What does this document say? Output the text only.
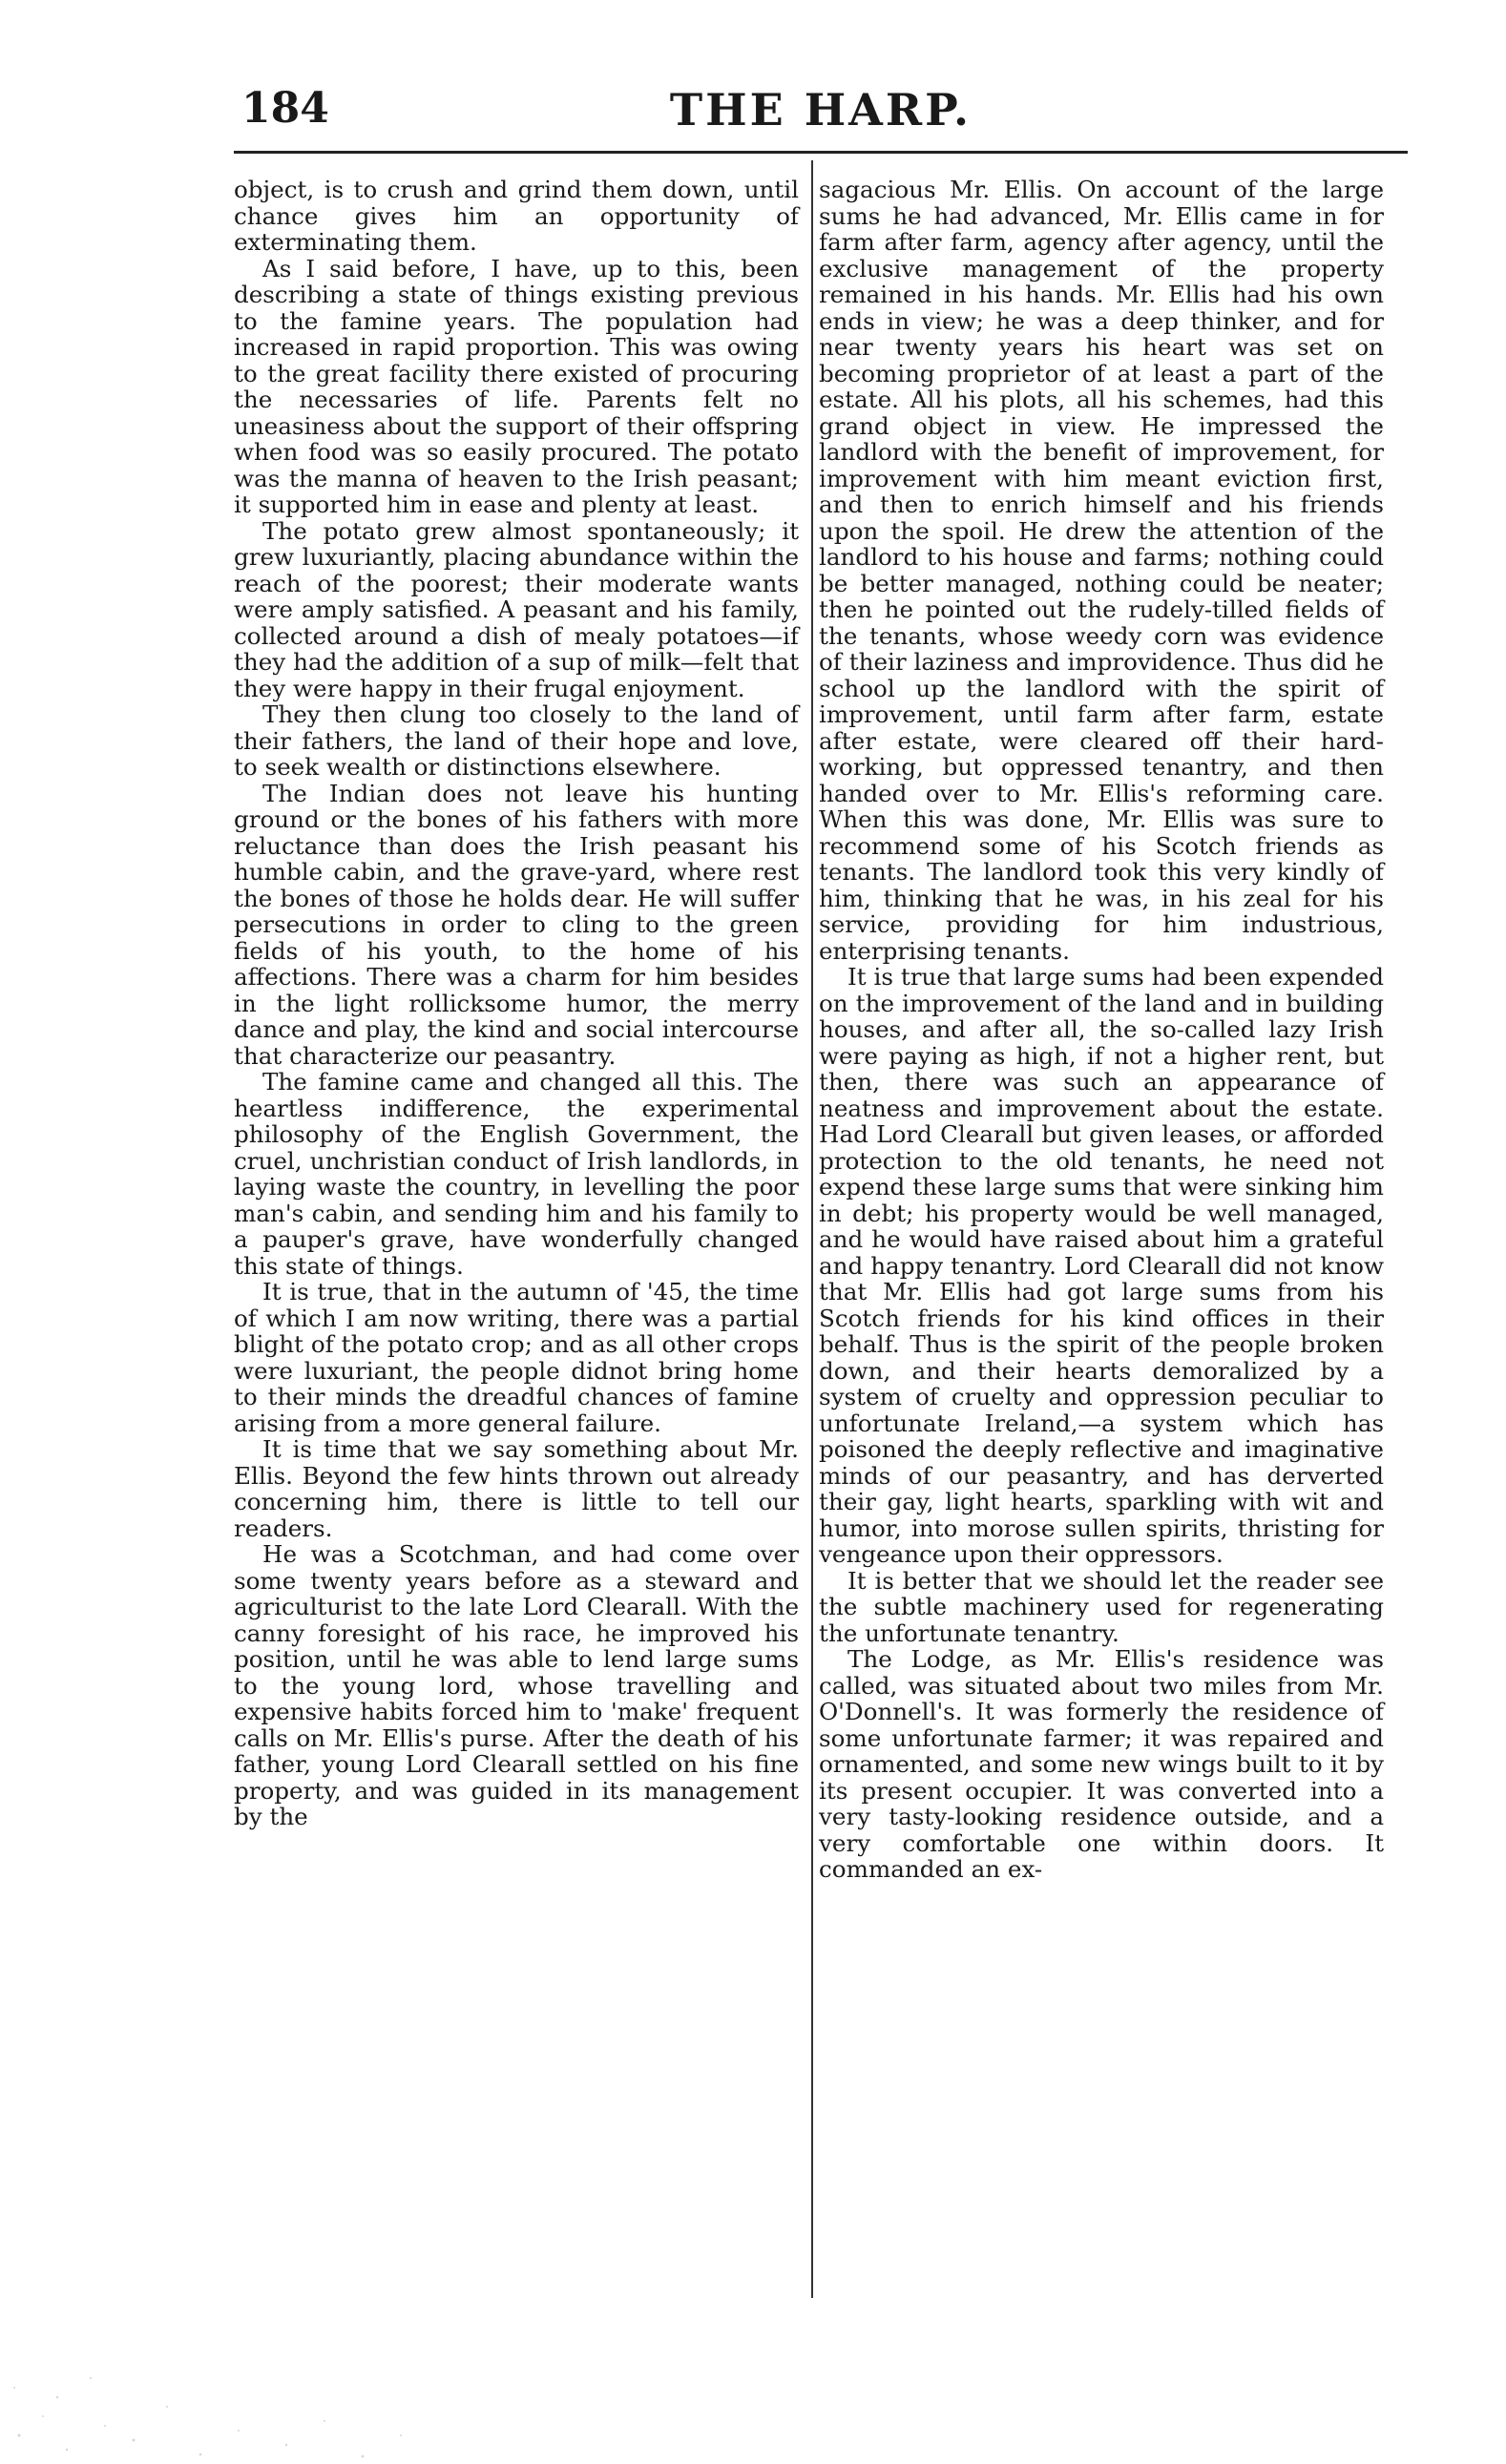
184	THE HARP.

object, is to crush and grind them down, until chance gives him an opportunity of exterminating them.

As I said before, I have, up to this, been describing a state of things existing previous to the famine years. The population had increased in rapid proportion. This was owing to the great facility there existed of procuring the necessaries of life. Parents felt no uneasiness about the support of their offspring when food was so easily procured. The potato was the manna of heaven to the Irish peasant; it supported him in ease and plenty at least.

The potato grew almost spontaneously; it grew luxuriantly, placing abundance within the reach of the poorest; their moderate wants were amply satisfied. A peasant and his family, collected around a dish of mealy potatoes—if they had the addition of a sup of milk—felt that they were happy in their frugal enjoyment.

They then clung too closely to the land of their fathers, the land of their hope and love, to seek wealth or distinctions elsewhere.

The Indian does not leave his hunting ground or the bones of his fathers with more reluctance than does the Irish peasant his humble cabin, and the grave-yard, where rest the bones of those he holds dear. He will suffer persecutions in order to cling to the green fields of his youth, to the home of his affections. There was a charm for him besides in the light rollicksome humor, the merry dance and play, the kind and social intercourse that characterize our peasantry.

The famine came and changed all this. The heartless indifference, the experimental philosophy of the English Government, the cruel, unchristian conduct of Irish landlords, in laying waste the country, in levelling the poor man's cabin, and sending him and his family to a pauper's grave, have wonderfully changed this state of things.

It is true, that in the autumn of '45, the time of which I am now writing, there was a partial blight of the potato crop; and as all other crops were luxuriant, the people didnot bring home to their minds the dreadful chances of famine arising from a more general failure.

It is time that we say something about Mr. Ellis. Beyond the few hints thrown out already concerning him, there is little to tell our readers.

He was a Scotchman, and had come over some twenty years before as a steward and agriculturist to the late Lord Clearall. With the canny foresight of his race, he improved his position, until he was able to lend large sums to the young lord, whose travelling and expensive habits forced him to 'make' frequent calls on Mr. Ellis's purse. After the death of his father, young Lord Clearall settled on his fine property, and was guided in its management by the

sagacious Mr. Ellis. On account of the large sums he had advanced, Mr. Ellis came in for farm after farm, agency after agency, until the exclusive management of the property remained in his hands. Mr. Ellis had his own ends in view; he was a deep thinker, and for near twenty years his heart was set on becoming proprietor of at least a part of the estate. All his plots, all his schemes, had this grand object in view. He impressed the landlord with the benefit of improvement, for improvement with him meant eviction first, and then to enrich himself and his friends upon the spoil. He drew the attention of the landlord to his house and farms; nothing could be better managed, nothing could be neater; then he pointed out the rudely-tilled fields of the tenants, whose weedy corn was evidence of their laziness and improvidence. Thus did he school up the landlord with the spirit of improvement, until farm after farm, estate after estate, were cleared off their hard-working, but oppressed tenantry, and then handed over to Mr. Ellis's reforming care. When this was done, Mr. Ellis was sure to recommend some of his Scotch friends as tenants. The landlord took this very kindly of him, thinking that he was, in his zeal for his service, providing for him industrious, enterprising tenants.

It is true that large sums had been expended on the improvement of the land and in building houses, and after all, the so-called lazy Irish were paying as high, if not a higher rent, but then, there was such an appearance of neatness and improvement about the estate. Had Lord Clearall but given leases, or afforded protection to the old tenants, he need not expend these large sums that were sinking him in debt; his property would be well managed, and he would have raised about him a grateful and happy tenantry. Lord Clearall did not know that Mr. Ellis had got large sums from his Scotch friends for his kind offices in their behalf. Thus is the spirit of the people broken down, and their hearts demoralized by a system of cruelty and oppression peculiar to unfortunate Ireland,—a system which has poisoned the deeply reflective and imaginative minds of our peasantry, and has derverted their gay, light hearts, sparkling with wit and humor, into morose sullen spirits, thristing for vengeance upon their oppressors.

It is better that we should let the reader see the subtle machinery used for regenerating the unfortunate tenantry.

The Lodge, as Mr. Ellis's residence was called, was situated about two miles from Mr. O'Donnell's. It was formerly the residence of some unfortunate farmer; it was repaired and ornamented, and some new wings built to it by its present occupier. It was converted into a very tasty-looking residence outside, and a very comfortable one within doors. It commanded an ex-
